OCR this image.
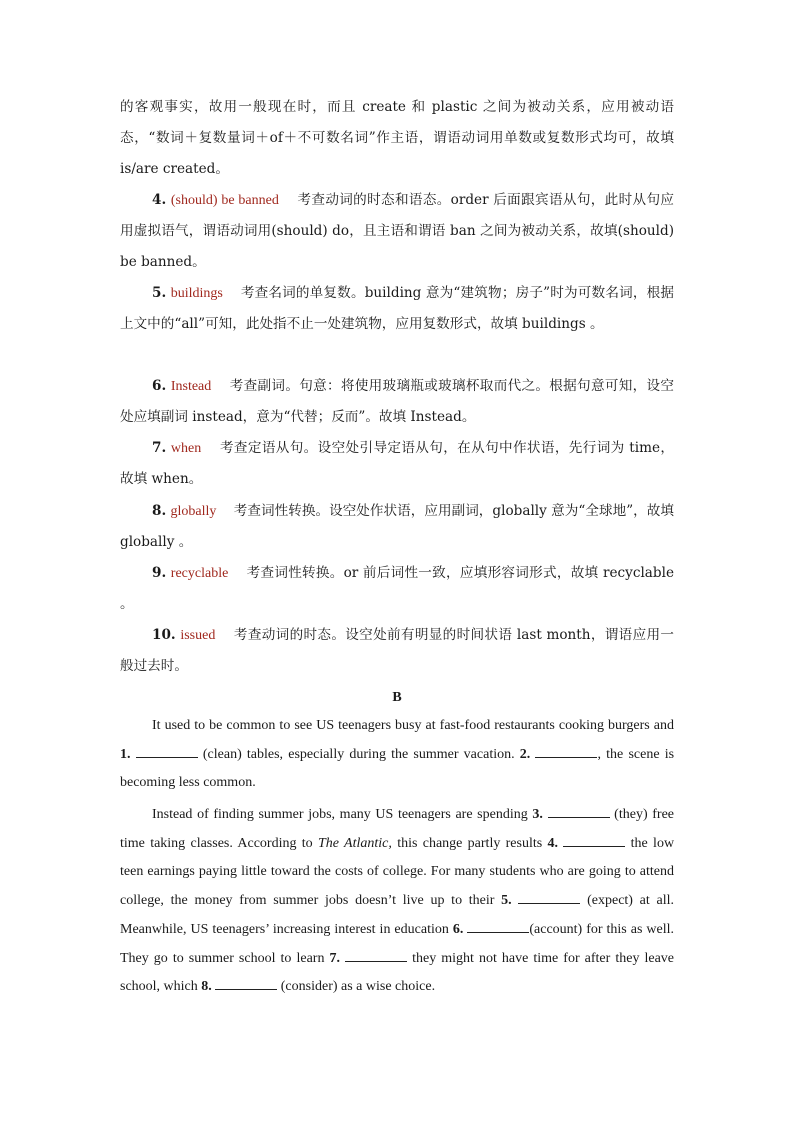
的客观事实，故用一般现在时，而且 create 和 plastic 之间为被动关系，应用被动语态，“数词＋复数量词＋of＋不可数名词”作主语，谓语动词用单数或复数形式均可，故填 is/are created。

4. (should) be banned 考查动词的时态和语态。order 后面跟宾语从句，此时从句应用虚拟语气，谓语动词用(should) do，且主语和谓语 ban 之间为被动关系，故填(should) be banned。

5. buildings 考查名词的单复数。building 意为“建筑物；房子”时为可数名词，根据上文中的“all”可知，此处指不止一处建筑物，应用复数形式，故填 buildings 。

6. Instead 考查副词。句意：将使用玻璃瓶或玻璃杯取而代之。根据句意可知，设空处应填副词 instead，意为“代替；反而”。故填 Instead。

7. when 考查定语从句。设空处引导定语从句，在从句中作状语，先行词为 time，故填 when。

8. globally 考查词性转换。设空处作状语，应用副词，globally 意为“全球地”，故填 globally 。

9. recyclable 考查词性转换。or 前后词性一致，应填形容词形式，故填 recyclable 。

10. issued 考查动词的时态。设空处前有明显的时间状语 last month，谓语应用一般过去时。

B

It used to be common to see US teenagers busy at fast-food restaurants cooking burgers and 1.	(clean) tables, especially during the summer vacation. 2.	, the scene is becoming less common.

Instead of finding summer jobs, many US teenagers are spending 3.	(they) free time taking classes. According to The Atlantic, this change partly results 4.	the low teen earnings paying little toward the costs of college. For many students who are going to attend college, the money from summer jobs doesn’t live up to their 5.	(expect) at all. Meanwhile, US teenagers’ increasing interest in education 6.	(account) for this as well. They go to summer school to learn 7.	they might not have time for after they leave school, which 8.	(consider) as a wise choice.
